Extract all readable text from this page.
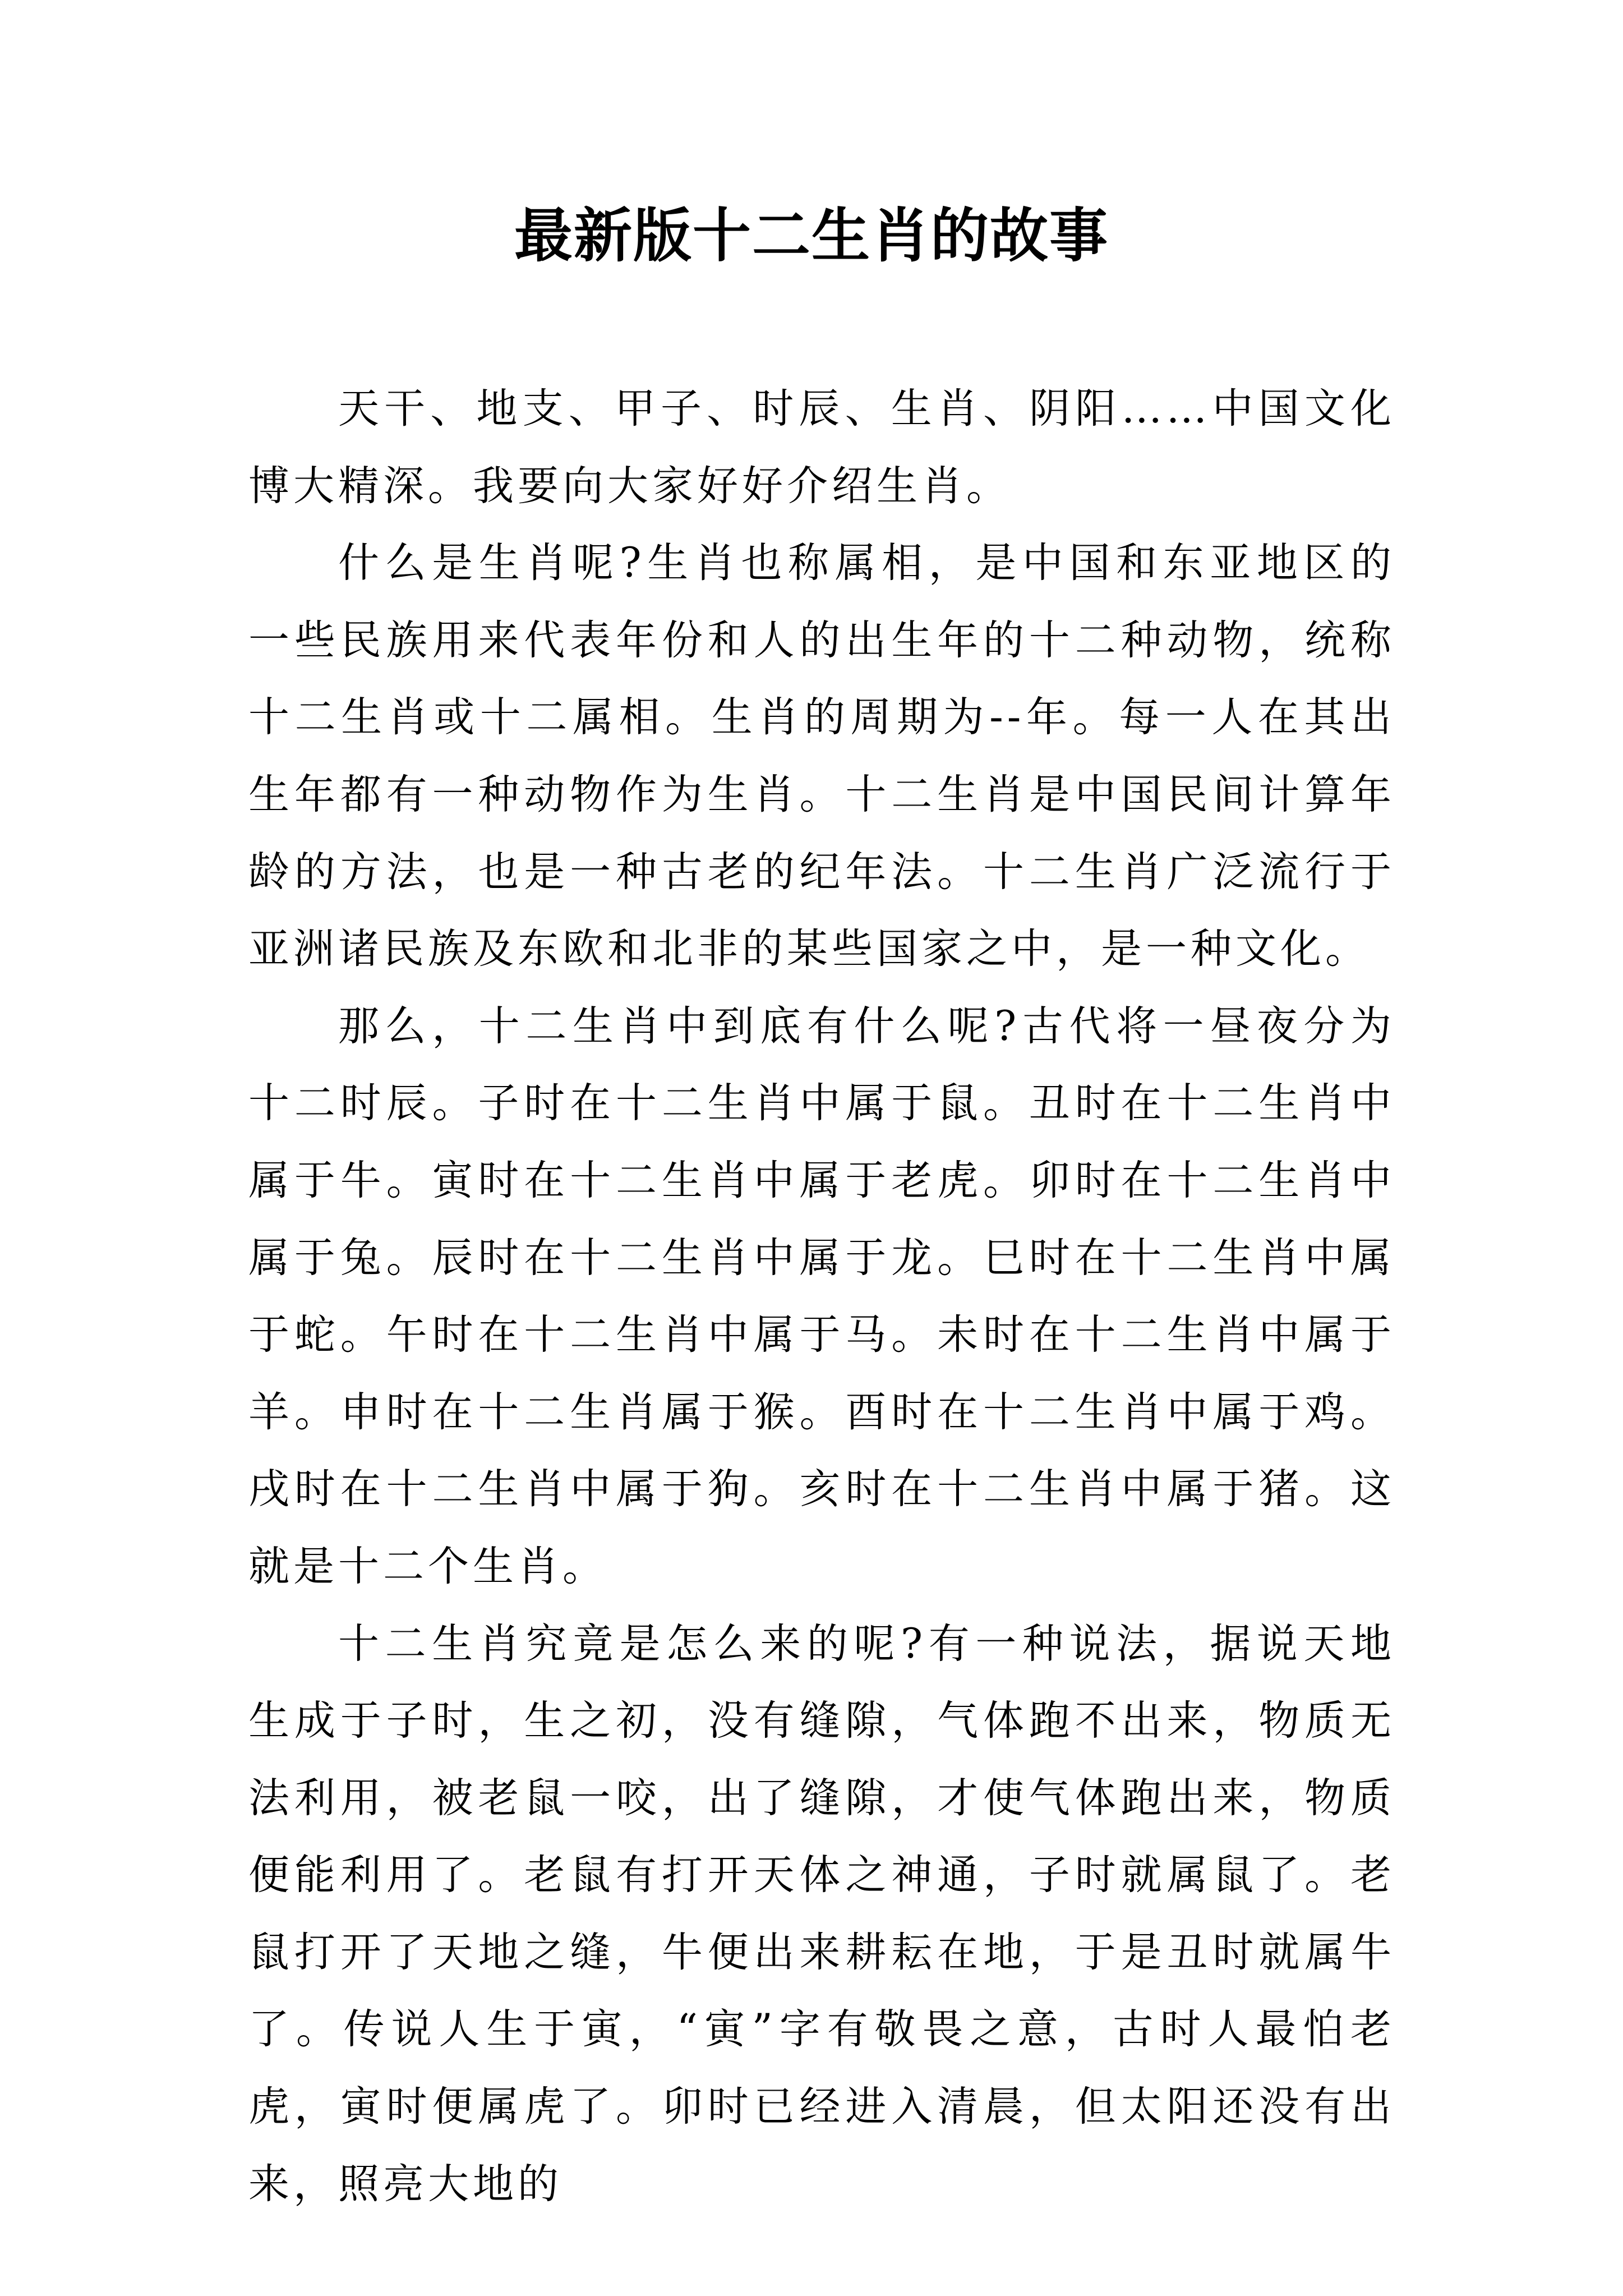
最新版十二生肖的故事

天干、地支、甲子、时辰、生肖、阴阳……中国文化博大精深。我要向大家好好介绍生肖。

什么是生肖呢?生肖也称属相，是中国和东亚地区的一些民族用来代表年份和人的出生年的十二种动物，统称十二生肖或十二属相。生肖的周期为--年。每一人在其出生年都有一种动物作为生肖。十二生肖是中国民间计算年龄的方法，也是一种古老的纪年法。十二生肖广泛流行于亚洲诸民族及东欧和北非的某些国家之中，是一种文化。

那么，十二生肖中到底有什么呢?古代将一昼夜分为十二时辰。子时在十二生肖中属于鼠。丑时在十二生肖中属于牛。寅时在十二生肖中属于老虎。卯时在十二生肖中属于兔。辰时在十二生肖中属于龙。巳时在十二生肖中属于蛇。午时在十二生肖中属于马。未时在十二生肖中属于羊。申时在十二生肖属于猴。酉时在十二生肖中属于鸡。戌时在十二生肖中属于狗。亥时在十二生肖中属于猪。这就是十二个生肖。

十二生肖究竟是怎么来的呢?有一种说法，据说天地生成于子时，生之初，没有缝隙，气体跑不出来，物质无法利用，被老鼠一咬，出了缝隙，才使气体跑出来，物质便能利用了。老鼠有打开天体之神通，子时就属鼠了。老鼠打开了天地之缝，牛便出来耕耘在地，于是丑时就属牛了。传说人生于寅，“寅”字有敬畏之意，古时人最怕老虎，寅时便属虎了。卯时已经进入清晨，但太阳还没有出来，照亮大地的
